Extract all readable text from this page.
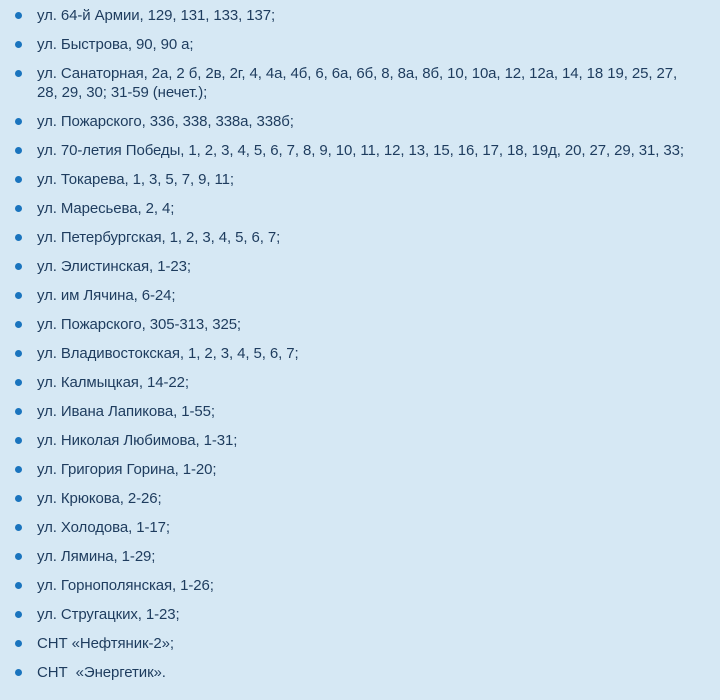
ул. 64-й Армии, 129, 131, 133, 137;
ул. Быстрова, 90, 90 а;
ул. Санаторная, 2а, 2 б, 2в, 2г, 4, 4а, 4б, 6, 6а, 6б, 8, 8а, 8б, 10, 10а, 12, 12а, 14, 18 19, 25, 27, 28, 29, 30; 31-59 (нечет.);
ул. Пожарского, 336, 338, 338а, 338б;
ул. 70-летия Победы, 1, 2, 3, 4, 5, 6, 7, 8, 9, 10, 11, 12, 13, 15, 16, 17, 18, 19д, 20, 27, 29, 31, 33;
ул. Токарева, 1, 3, 5, 7, 9, 11;
ул. Маресьева, 2, 4;
ул. Петербургская, 1, 2, 3, 4, 5, 6, 7;
ул. Элистинская, 1-23;
ул. им Лячина, 6-24;
ул. Пожарского, 305-313, 325;
ул. Владивостокская, 1, 2, 3, 4, 5, 6, 7;
ул. Калмыцкая, 14-22;
ул. Ивана Лапикова, 1-55;
ул. Николая Любимова, 1-31;
ул. Григория Горина, 1-20;
ул. Крюкова, 2-26;
ул. Холодова, 1-17;
ул. Лямина, 1-29;
ул. Горнополянская, 1-26;
ул. Стругацких, 1-23;
СНТ «Нефтяник-2»;
СНТ  «Энергетик».
